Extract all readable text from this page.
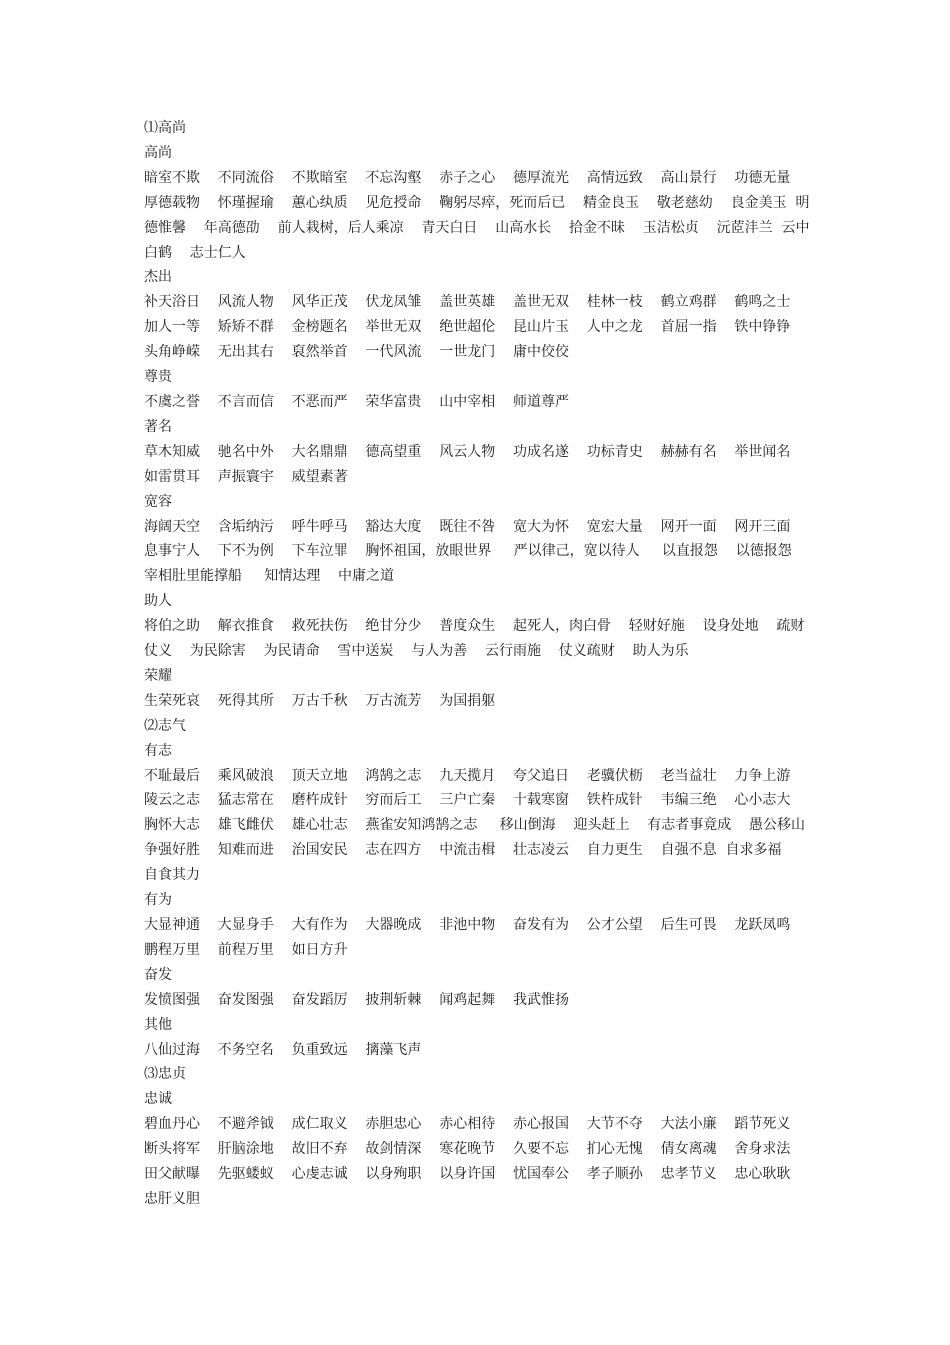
⑴高尚

高尚

暗室不欺    不同流俗    不欺暗室    不忘沟壑    赤子之心    德厚流光    高情远致    高山景行    功德无量  厚德载物    怀瑾握瑜    蕙心纨质    见危授命    鞠躬尽瘁，死而后已    精金良玉    敬老慈幼    良金美玉  明德惟馨    年高德劭    前人栽树，后人乘凉    青天白日    山高水长    拾金不昧    玉洁松贞    沅茝沣兰  云中白鹤    志士仁人

杰出

补天浴日    风流人物    风华正茂    伏龙凤雏    盖世英雄    盖世无双    桂林一枝    鹤立鸡群    鹤鸣之士  加人一等    矫矫不群    金榜题名    举世无双    绝世超伦    昆山片玉    人中之龙    首屈一指    铁中铮铮  头角峥嵘    无出其右    裒然举首    一代风流    一世龙门    庸中佼佼

尊贵

不虞之誉    不言而信    不恶而严    荣华富贵    山中宰相    师道尊严

著名

草木知威    驰名中外    大名鼎鼎    德高望重    风云人物    功成名遂    功标青史    赫赫有名    举世闻名  如雷贯耳    声振寰宇    威望素著

宽容

海阔天空    含垢纳污    呼牛呼马    豁达大度    既往不咎    宽大为怀    宽宏大量    网开一面    网开三面  息事宁人    下不为例    下车泣罪    胸怀祖国，放眼世界     严以律己，宽以待人     以直报怨    以德报怨    宰相肚里能撑船     知情达理    中庸之道

助人

将伯之助    解衣推食    救死扶伤    绝甘分少    普度众生    起死人，肉白骨    轻财好施    设身处地    疏财仗义    为民除害    为民请命    雪中送炭    与人为善    云行雨施    仗义疏财    助人为乐

荣耀

生荣死哀    死得其所    万古千秋    万古流芳    为国捐躯

⑵志气

有志

不耻最后    乘风破浪    顶天立地    鸿鹄之志    九天揽月    夸父追日    老骥伏枥    老当益壮    力争上游  陵云之志    猛志常在    磨杵成针    穷而后工    三户亡秦    十载寒窗    铁杵成针    韦编三绝    心小志大  胸怀大志    雄飞雌伏    雄心壮志    燕雀安知鸿鹄之志     移山倒海    迎头赶上    有志者事竟成    愚公移山    争强好胜    知难而进    治国安民    志在四方    中流击楫    壮志凌云    自力更生    自强不息  自求多福    自食其力

有为

大显神通    大显身手    大有作为    大器晚成    非池中物    奋发有为    公才公望    后生可畏    龙跃凤鸣  鹏程万里    前程万里    如日方升

奋发

发愤图强    奋发图强    奋发蹈厉    披荆斩棘    闻鸡起舞    我武惟扬

其他

八仙过海    不务空名    负重致远    摛藻飞声

⑶忠贞

忠诚

碧血丹心    不避斧钺    成仁取义    赤胆忠心    赤心相待    赤心报国    大节不夺    大法小廉    蹈节死义  断头将军    肝脑涂地    故旧不弃    故剑情深    寒花晚节    久要不忘    扪心无愧    倩女离魂    舍身求法  田父献曝    先驱蝼蚁    心虔志诚    以身殉职    以身许国    忧国奉公    孝子顺孙    忠孝节义    忠心耿耿  忠肝义胆
